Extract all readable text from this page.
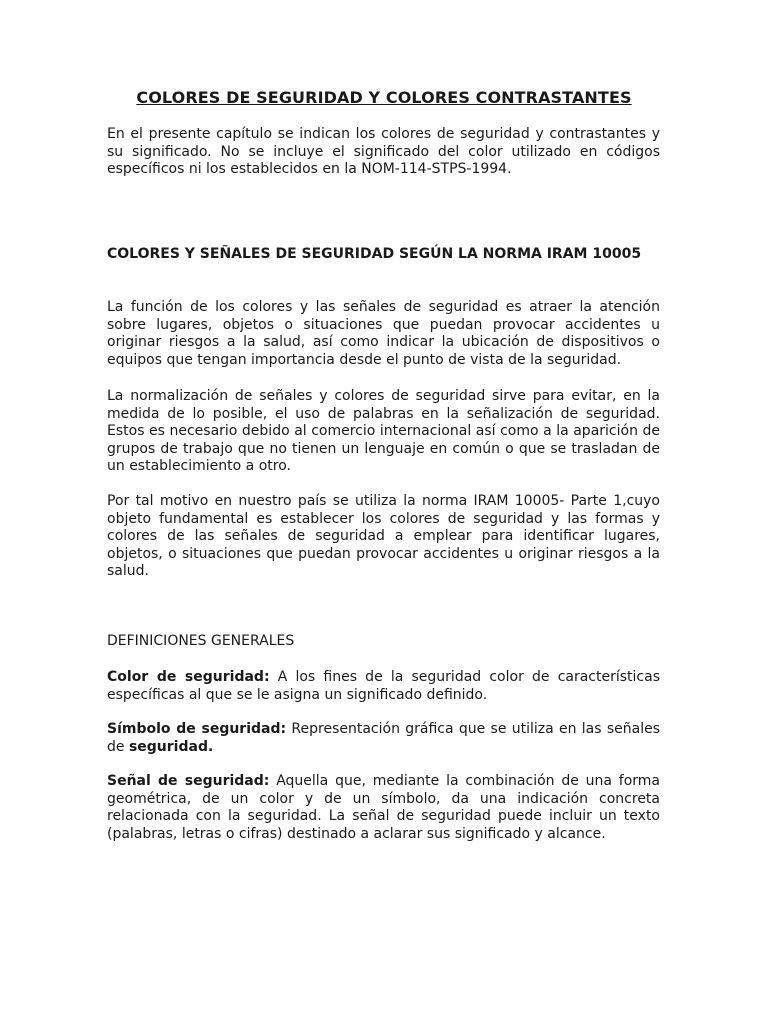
COLORES DE SEGURIDAD Y COLORES CONTRASTANTES

En el presente capítulo se indican los colores de seguridad y contrastantes y su significado. No se incluye el significado del color utilizado en códigos específicos ni los establecidos en la NOM-114-STPS-1994.

COLORES Y SEÑALES DE SEGURIDAD SEGÚN LA NORMA IRAM 10005

La función de los colores y las señales de seguridad es atraer la atención sobre lugares, objetos o situaciones que puedan provocar accidentes u originar riesgos a la salud, así como indicar la ubicación de dispositivos o equipos que tengan importancia desde el punto de vista de la seguridad.

La normalización de señales y colores de seguridad sirve para evitar, en la medida de lo posible, el uso de palabras en la señalización de seguridad. Estos es necesario debido al comercio internacional así como a la aparición de grupos de trabajo que no tienen un lenguaje en común o que se trasladan de un establecimiento a otro.

Por tal motivo en nuestro país se utiliza la norma IRAM 10005- Parte 1,cuyo objeto fundamental es establecer los colores de seguridad y las formas y colores de las señales de seguridad a emplear para identificar lugares, objetos, o situaciones que puedan provocar accidentes u originar riesgos a la salud.

DEFINICIONES GENERALES

Color de seguridad: A los fines de la seguridad color de características específicas al que se le asigna un significado definido.

Símbolo de seguridad: Representación gráfica que se utiliza en las señales de seguridad.

Señal de seguridad: Aquella que, mediante la combinación de una forma geométrica, de un color y de un símbolo, da una indicación concreta relacionada con la seguridad. La señal de seguridad puede incluir un texto (palabras, letras o cifras) destinado a aclarar sus significado y alcance.
